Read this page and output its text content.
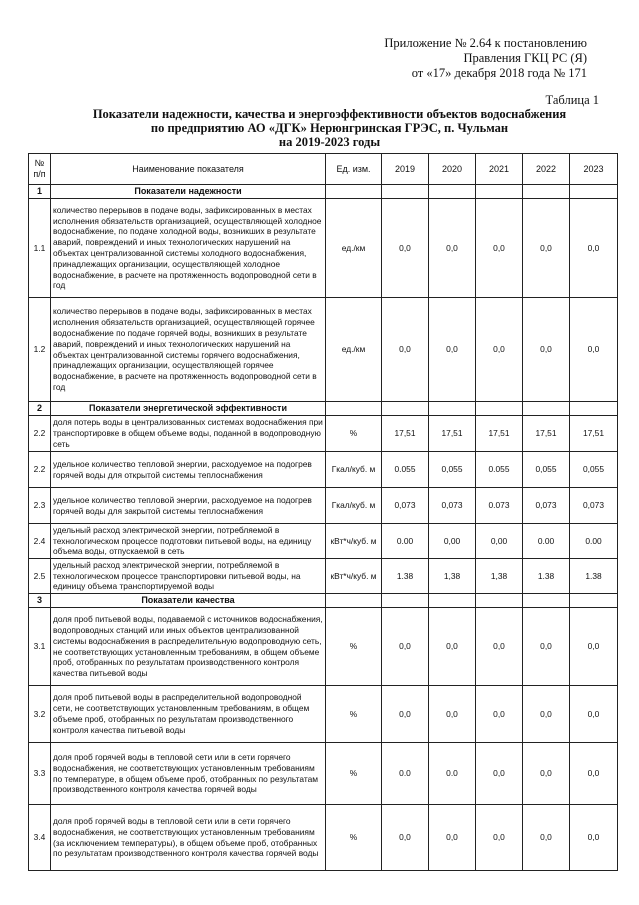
Приложение № 2.64 к постановлению
Правления ГКЦ РС (Я)
от «17» декабря 2018 года № 171
Таблица 1
Показатели надежности, качества и энергоэффективности объектов водоснабжения
по предприятию АО «ДГК» Нерюнгринская ГРЭС, п. Чульман
на 2019-2023 годы
№ п/п	Наименование показателя	Ед. изм.	2019	2020	2021	2022	2023
1	Показатели надежности						
1.1	количество перерывов в подаче воды, зафиксированных в местах исполнения обязательств организацией, осуществляющей холодное водоснабжение, по подаче холодной воды, возникших в результате аварий, повреждений и иных технологических нарушений на объектах централизованной системы холодного водоснабжения, принадлежащих организации, осуществляющей холодное водоснабжение, в расчете на протяженность водопроводной сети в год	ед./км	0,0	0,0	0,0	0,0	0,0
1.2	количество перерывов в подаче воды, зафиксированных в местах исполнения обязательств организацией, осуществляющей горячее водоснабжение по подаче горячей воды, возникших в результате аварий, повреждений и иных технологических нарушений на объектах централизованной системы горячего водоснабжения, принадлежащих организации, осуществляющей горячее водоснабжение, в расчете на протяженность водопроводной сети в год	ед./км	0,0	0,0	0,0	0,0	0,0
2	Показатели энергетической эффективности						
2.2	доля потерь воды в централизованных системах водоснабжения при транспортировке в общем объеме воды, поданной в водопроводную сеть	%	17,51	17,51	17,51	17,51	17,51
2.2	удельное количество тепловой энергии, расходуемое на подогрев горячей воды для открытой системы теплоснабжения	Гкал/куб. м	0.055	0,055	0.055	0,055	0,055
2.3	удельное количество тепловой энергии, расходуемое на подогрев горячей воды для закрытой системы теплоснабжения	Гкал/куб. м	0,073	0,073	0.073	0,073	0,073
2.4	удельный расход электрической энергии, потребляемой в технологическом процессе подготовки питьевой воды, на единицу объема воды, отпускаемой в сеть	кВт*ч/куб. м	0.00	0,00	0,00	0.00	0.00
2.5	удельный расход электрической энергии, потребляемой в технологическом процессе транспортировки питьевой воды, на единицу объема транспортируемой воды	кВт*ч/куб. м	1.38	1,38	1,38	1.38	1.38
3	Показатели качества						
3.1	доля проб питьевой воды, подаваемой с источников водоснабжения, водопроводных станций или иных объектов централизованной системы водоснабжения в распределительную водопроводную сеть, не соответствующих установленным требованиям, в общем объеме проб, отобранных по результатам производственного контроля качества питьевой воды	%	0,0	0,0	0,0	0,0	0,0
3.2	доля проб питьевой воды в распределительной водопроводной сети, не соответствующих установленным требованиям, в общем объеме проб, отобранных по результатам производственного контроля качества питьевой воды	%	0,0	0,0	0,0	0,0	0,0
3.3	доля проб горячей воды в тепловой сети или в сети горячего водоснабжения, не соответствующих установленным требованиям по температуре, в общем объеме проб, отобранных по результатам производственного контроля качества горячей воды	%	0.0	0.0	0,0	0,0	0,0
3.4	доля проб горячей воды в тепловой сети или в сети горячего водоснабжения, не соответствующих установленным требованиям (за исключением температуры), в общем объеме проб, отобранных по результатам производственного контроля качества горячей воды	%	0,0	0,0	0,0	0,0	0,0
